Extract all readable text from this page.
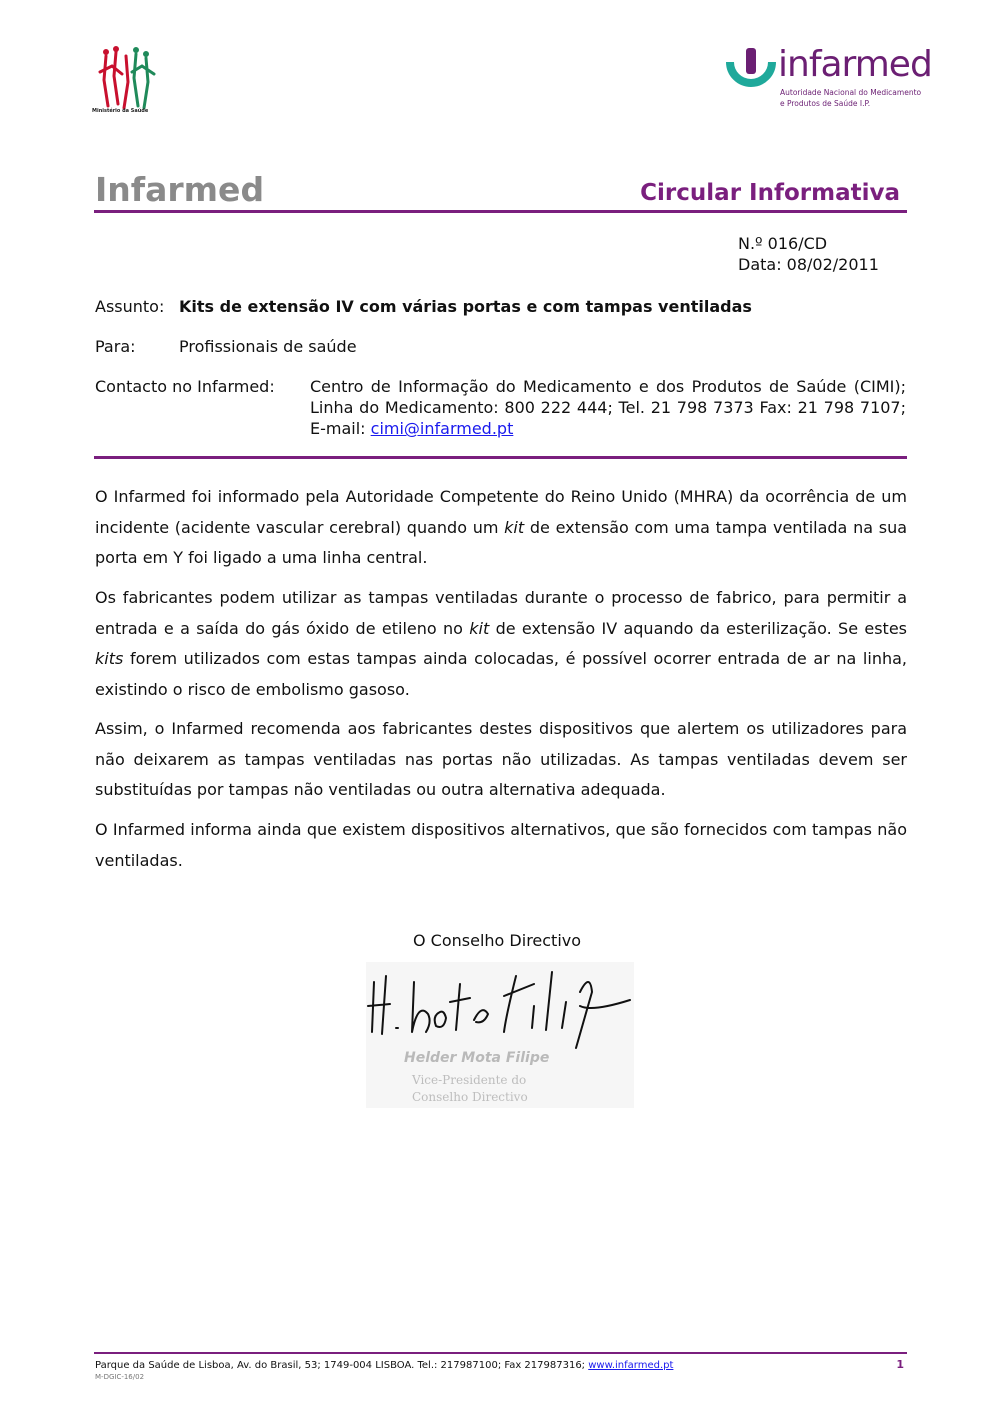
Ministério da Saúde
infarmed
Autoridade Nacional do Medicamento
e Produtos de Saúde I.P.
Infarmed	Circular Informativa
N.º 016/CD
Data: 08/02/2011
Assunto: Kits de extensão IV com várias portas e com tampas ventiladas
Para:	Profissionais de saúde
Contacto no Infarmed: Centro de Informação do Medicamento e dos Produtos de Saúde (CIMI); Linha do Medicamento: 800 222 444; Tel. 21 798 7373 Fax: 21 798 7107; E-mail: cimi@infarmed.pt

O Infarmed foi informado pela Autoridade Competente do Reino Unido (MHRA) da ocorrência de um incidente (acidente vascular cerebral) quando um kit de extensão com uma tampa ventilada na sua porta em Y foi ligado a uma linha central.

Os fabricantes podem utilizar as tampas ventiladas durante o processo de fabrico, para permitir a entrada e a saída do gás óxido de etileno no kit de extensão IV aquando da esterilização. Se estes kits forem utilizados com estas tampas ainda colocadas, é possível ocorrer entrada de ar na linha, existindo o risco de embolismo gasoso.

Assim, o Infarmed recomenda aos fabricantes destes dispositivos que alertem os utilizadores para não deixarem as tampas ventiladas nas portas não utilizadas. As tampas ventiladas devem ser substituídas por tampas não ventiladas ou outra alternativa adequada.

O Infarmed informa ainda que existem dispositivos alternativos, que são fornecidos com tampas não ventiladas.

O Conselho Directivo
Helder Mota Filipe
Vice-Presidente do
Conselho Directivo
Parque da Saúde de Lisboa, Av. do Brasil, 53; 1749-004 LISBOA. Tel.: 217987100; Fax 217987316; www.infarmed.pt
M-DGIC-16/02
1
